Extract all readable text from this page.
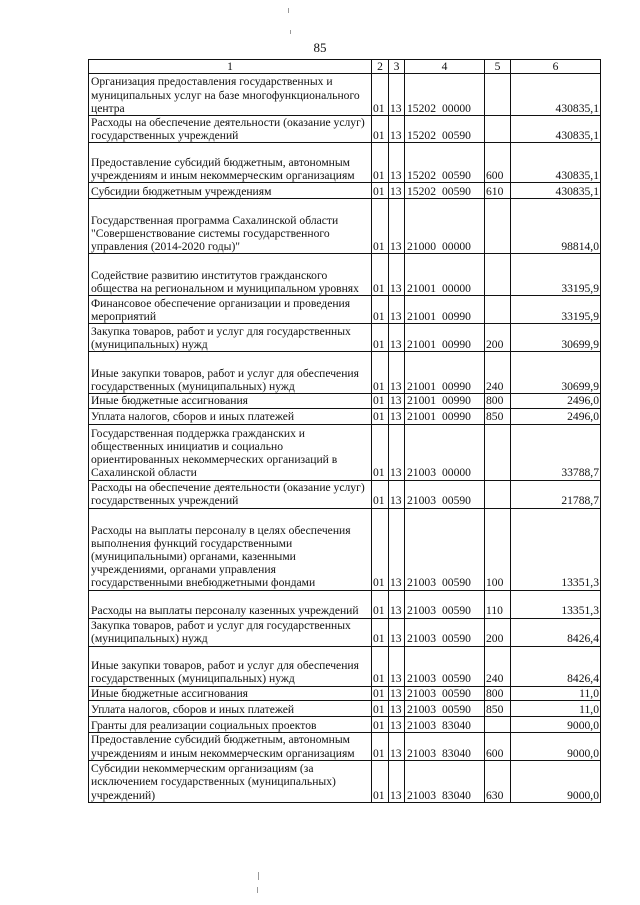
85
1	2	3	4	5	6
Организация предоставления государственных и муниципальных услуг на базе многофункционального центра	01	13	15202 00000		430835,1
Расходы на обеспечение деятельности (оказание услуг) государственных учреждений	01	13	15202 00590		430835,1
Предоставление субсидий бюджетным, автономным учреждениям и иным некоммерческим организациям	01	13	15202 00590	600	430835,1
Субсидии бюджетным учреждениям	01	13	15202 00590	610	430835,1
Государственная программа Сахалинской области "Совершенствование системы государственного управления (2014-2020 годы)"	01	13	21000 00000		98814,0
Содействие развитию институтов гражданского общества на региональном и муниципальном уровнях	01	13	21001 00000		33195,9
Финансовое обеспечение организации и проведения мероприятий	01	13	21001 00990		33195,9
Закупка товаров, работ и услуг для государственных (муниципальных) нужд	01	13	21001 00990	200	30699,9
Иные закупки товаров, работ и услуг для обеспечения государственных (муниципальных) нужд	01	13	21001 00990	240	30699,9
Иные бюджетные ассигнования	01	13	21001 00990	800	2496,0
Уплата налогов, сборов и иных платежей	01	13	21001 00990	850	2496,0
Государственная поддержка гражданских и общественных инициатив и социально ориентированных некоммерческих организаций в Сахалинской области	01	13	21003 00000		33788,7
Расходы на обеспечение деятельности (оказание услуг) государственных учреждений	01	13	21003 00590		21788,7
Расходы на выплаты персоналу в целях обеспечения выполнения функций государственными (муниципальными) органами, казенными учреждениями, органами управления государственными внебюджетными фондами	01	13	21003 00590	100	13351,3
Расходы на выплаты персоналу казенных учреждений	01	13	21003 00590	110	13351,3
Закупка товаров, работ и услуг для государственных (муниципальных) нужд	01	13	21003 00590	200	8426,4
Иные закупки товаров, работ и услуг для обеспечения государственных (муниципальных) нужд	01	13	21003 00590	240	8426,4
Иные бюджетные ассигнования	01	13	21003 00590	800	11,0
Уплата налогов, сборов и иных платежей	01	13	21003 00590	850	11,0
Гранты для реализации социальных проектов	01	13	21003 83040		9000,0
Предоставление субсидий бюджетным, автономным учреждениям и иным некоммерческим организациям	01	13	21003 83040	600	9000,0
Субсидии некоммерческим организациям (за исключением государственных (муниципальных) учреждений)	01	13	21003 83040	630	9000,0
